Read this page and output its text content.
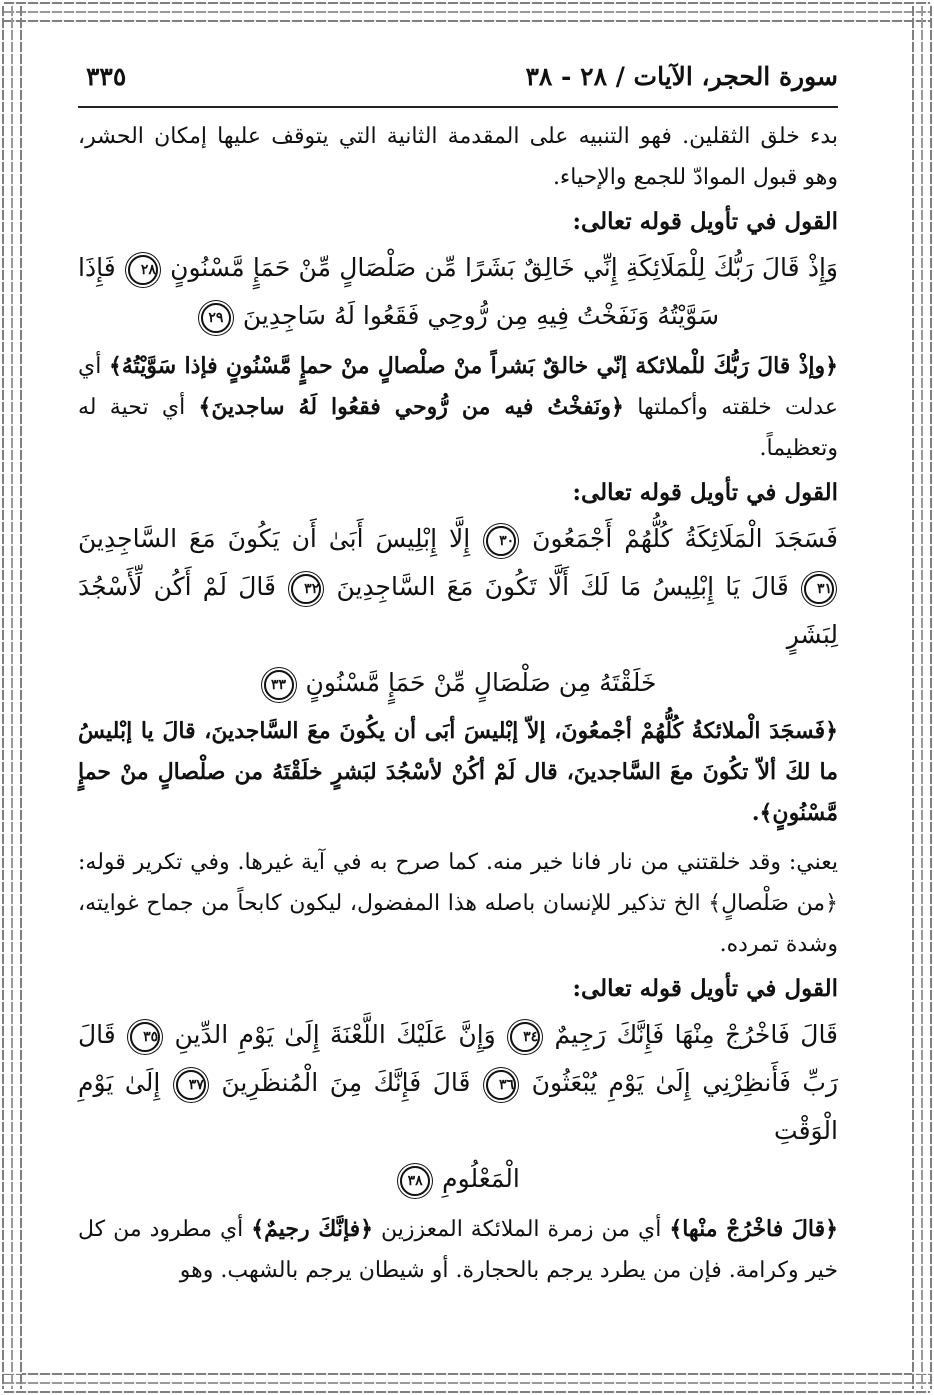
سورة الحجر، الآيات / ٢٨ - ٣٨
٣٣٥

بدء خلق الثقلين. فهو التنبيه على المقدمة الثانية التي يتوقف عليها إمكان الحشر، وهو قبول الموادّ للجمع والإحياء.

القول في تأويل قوله تعالى:

وَإِذْ قَالَ رَبُّكَ لِلْمَلَائِكَةِ إِنِّي خَالِقٌ بَشَرًا مِّن صَلْصَالٍ مِّنْ حَمَإٍ مَّسْنُونٍ ٢٨ فَإِذَا
سَوَّيْتُهُ وَنَفَخْتُ فِيهِ مِن رُّوحِي فَقَعُوا لَهُ سَاجِدِينَ ٢٩

﴿وإذْ قالَ رَبُّكَ للْملائكة إنّي خالقٌ بَشراً منْ صلْصالٍ منْ حمإٍ مَّسْنُونٍ فإذا سَوَّيْتُهُ﴾ أي عدلت خلقته وأكملتها ﴿ونَفخْتُ فيه من رُّوحي فقعُوا لَهُ ساجدينَ﴾ أي تحية له وتعظيماً.

القول في تأويل قوله تعالى:

فَسَجَدَ الْمَلَائِكَةُ كُلُّهُمْ أَجْمَعُونَ ٣٠ إِلَّا إِبْلِيسَ أَبَىٰ أَن يَكُونَ مَعَ السَّاجِدِينَ
٣١ قَالَ يَا إِبْلِيسُ مَا لَكَ أَلَّا تَكُونَ مَعَ السَّاجِدِينَ ٣٢ قَالَ لَمْ أَكُن لِّأَسْجُدَ لِبَشَرٍ
خَلَقْتَهُ مِن صَلْصَالٍ مِّنْ حَمَإٍ مَّسْنُونٍ ٣٣

﴿فَسجَدَ الْملائكةُ كُلُّهُمْ أجْمعُونَ، إلاّ إبْليسَ أبَى أن يكُونَ معَ السَّاجدينَ، قالَ يا إبْليسُ ما لكَ ألاّ تكُونَ معَ السَّاجدينَ، قال لَمْ أكُنْ لأسْجُدَ لبَشرٍ خلَقْتَهُ من صلْصالٍ منْ حمإٍ مَّسْنُونٍ﴾.

يعني: وقد خلقتني من نار فانا خير منه. كما صرح به في آية غيرها. وفي تكرير قوله: ﴿من صَلْصالٍ﴾ الخ تذكير للإنسان باصله هذا المفضول، ليكون كابحاً من جماح غوايته، وشدة تمرده.

القول في تأويل قوله تعالى:

قَالَ فَاخْرُجْ مِنْهَا فَإِنَّكَ رَجِيمٌ ٣٤ وَإِنَّ عَلَيْكَ اللَّعْنَةَ إِلَىٰ يَوْمِ الدِّينِ ٣٥ قَالَ
رَبِّ فَأَنظِرْنِي إِلَىٰ يَوْمِ يُبْعَثُونَ ٣٦ قَالَ فَإِنَّكَ مِنَ الْمُنظَرِينَ ٣٧ إِلَىٰ يَوْمِ الْوَقْتِ
الْمَعْلُومِ ٣٨

﴿قالَ فاخْرُجْ منْها﴾ أي من زمرة الملائكة المعززين ﴿فإنَّكَ رجيمٌ﴾ أي مطرود من كل خير وكرامة. فإن من يطرد يرجم بالحجارة. أو شيطان يرجم بالشهب. وهو
